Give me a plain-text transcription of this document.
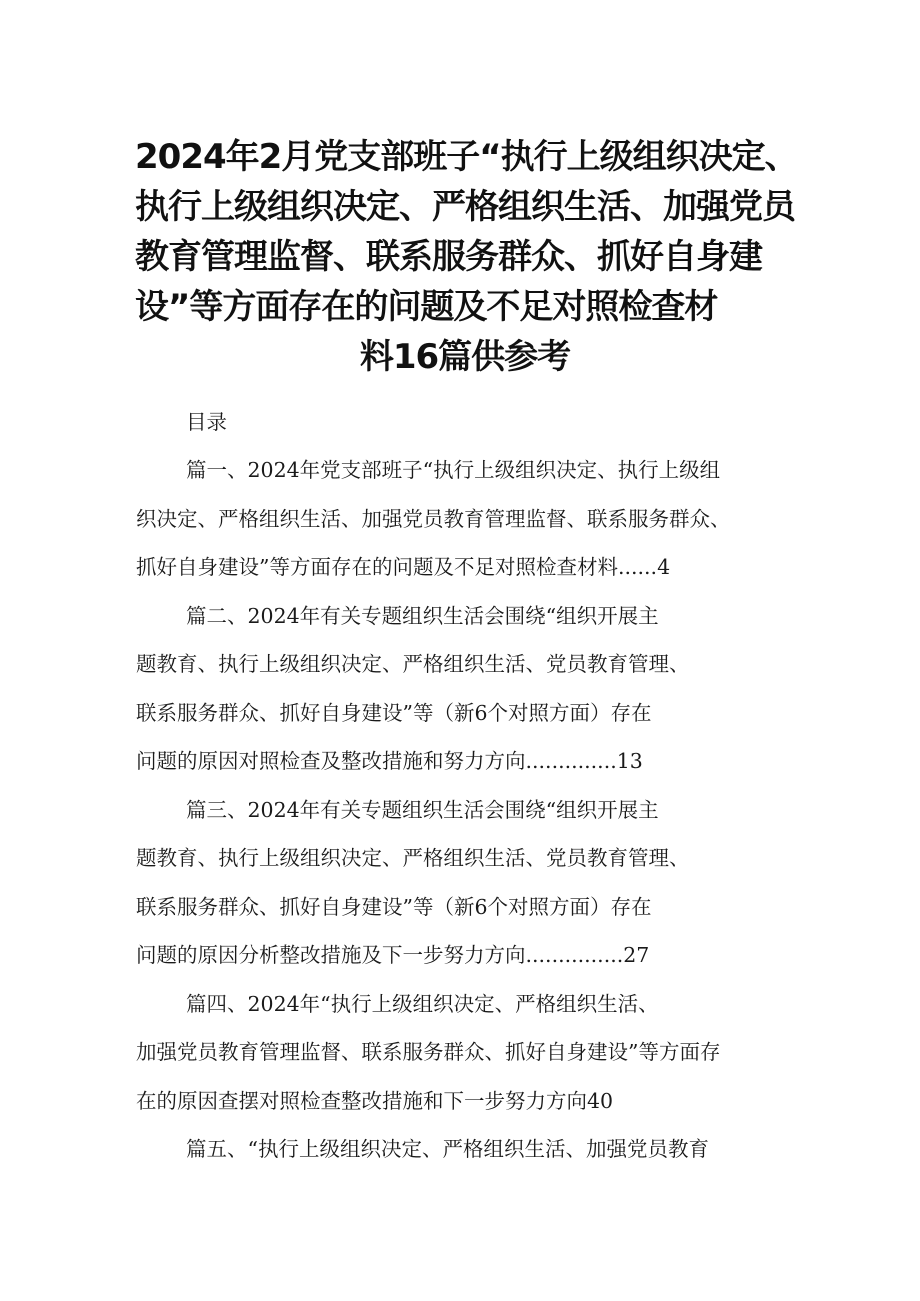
2024年2月党支部班子“执行上级组织决定、
执行上级组织决定、严格组织生活、加强党员
教育管理监督、联系服务群众、抓好自身建
设”等方面存在的问题及不足对照检查材
料16篇供参考
目录
篇一、2024年党支部班子“执行上级组织决定、执行上级组
织决定、严格组织生活、加强党员教育管理监督、联系服务群众、
抓好自身建设”等方面存在的问题及不足对照检查材料......4
篇二、2024年有关专题组织生活会围绕“组织开展主
题教育、执行上级组织决定、严格组织生活、党员教育管理、
联系服务群众、抓好自身建设”等（新6个对照方面）存在
问题的原因对照检查及整改措施和努力方向..............13
篇三、2024年有关专题组织生活会围绕“组织开展主
题教育、执行上级组织决定、严格组织生活、党员教育管理、
联系服务群众、抓好自身建设”等（新6个对照方面）存在
问题的原因分析整改措施及下一步努力方向...............27
篇四、2024年“执行上级组织决定、严格组织生活、
加强党员教育管理监督、联系服务群众、抓好自身建设”等方面存
在的原因查摆对照检查整改措施和下一步努力方向40
篇五、“执行上级组织决定、严格组织生活、加强党员教育
